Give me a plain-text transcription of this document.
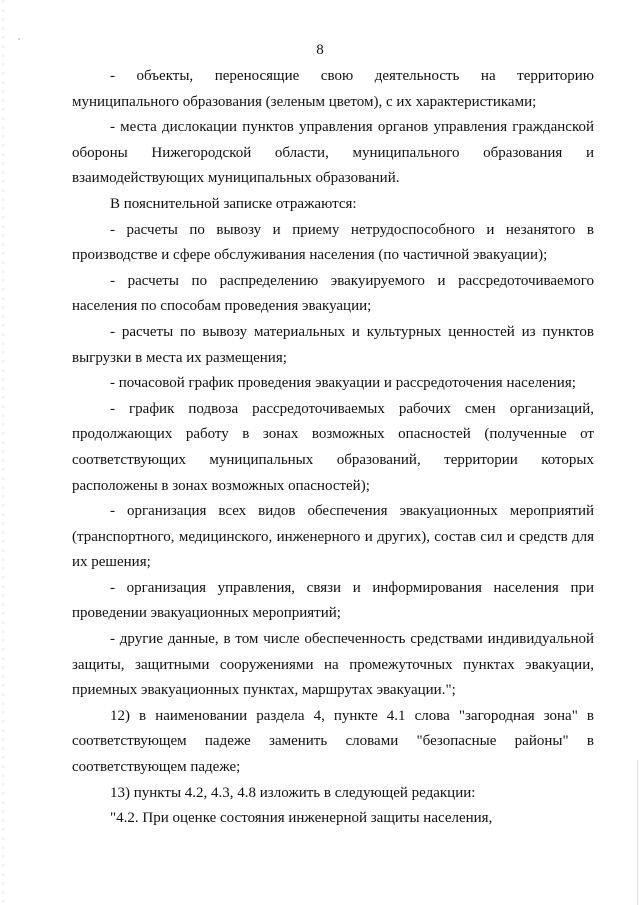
8

- объекты, переносящие свою деятельность на территорию муниципального образования (зеленым цветом), с их характеристиками;

- места дислокации пунктов управления органов управления гражданской обороны Нижегородской области, муниципального образования и взаимодействующих муниципальных образований.

В пояснительной записке отражаются:

- расчеты по вывозу и приему нетрудоспособного и незанятого в производстве и сфере обслуживания населения (по частичной эвакуации);

- расчеты по распределению эвакуируемого и рассредоточиваемого населения по способам проведения эвакуации;

- расчеты по вывозу материальных и культурных ценностей из пунктов выгрузки в места их размещения;

- почасовой график проведения эвакуации и рассредоточения населения;

- график подвоза рассредоточиваемых рабочих смен организаций, продолжающих работу в зонах возможных опасностей (полученные от соответствующих муниципальных образований, территории которых расположены в зонах возможных опасностей);

- организация всех видов обеспечения эвакуационных мероприятий (транспортного, медицинского, инженерного и других), состав сил и средств для их решения;

- организация управления, связи и информирования населения при проведении эвакуационных мероприятий;

- другие данные, в том числе обеспеченность средствами индивидуальной защиты, защитными сооружениями на промежуточных пунктах эвакуации, приемных эвакуационных пунктах, маршрутах эвакуации.";

12) в наименовании раздела 4, пункте 4.1 слова "загородная зона" в соответствующем падеже заменить словами "безопасные районы" в соответствующем падеже;

13) пункты 4.2, 4.3, 4.8 изложить в следующей редакции:

"4.2. При оценке состояния инженерной защиты населения,
